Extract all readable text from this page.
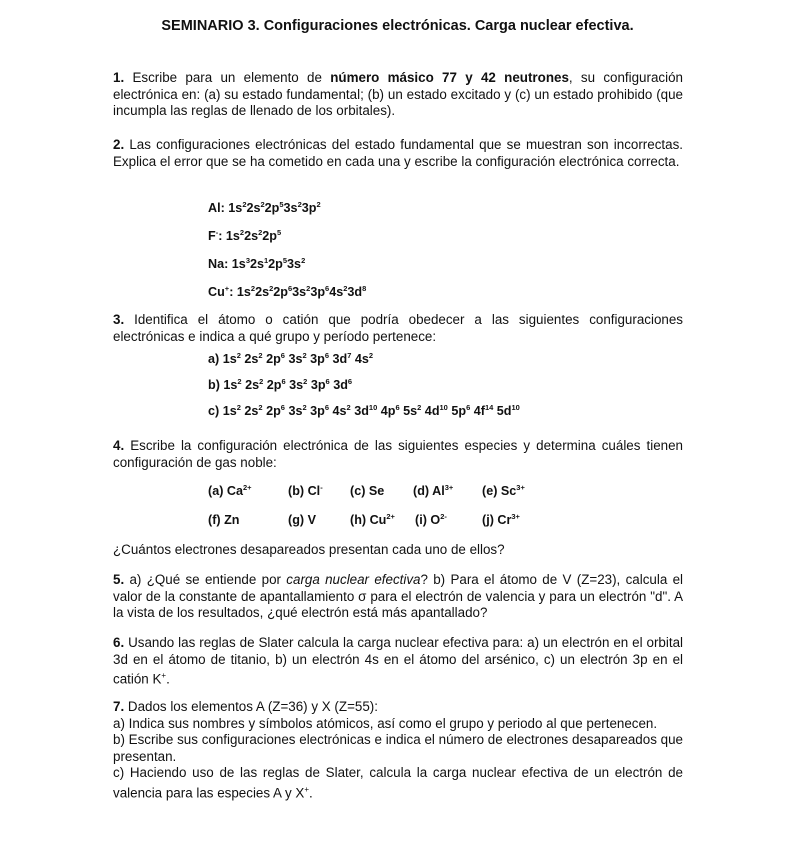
SEMINARIO 3. Configuraciones electrónicas. Carga nuclear efectiva.
1. Escribe para un elemento de número másico 77 y 42 neutrones, su configuración electrónica en: (a) su estado fundamental; (b) un estado excitado y (c) un estado prohibido (que incumpla las reglas de llenado de los orbitales).
2. Las configuraciones electrónicas del estado fundamental que se muestran son incorrectas. Explica el error que se ha cometido en cada una y escribe la configuración electrónica correcta.
Al: $1s^22s^22p^53s^23p^2$
F-: $1s^22s^22p^5$
Na: $1s^32s^12p^53s^2$
Cu+: $1s^22s^22p^63s^23p^64s^23d^8$
3. Identifica el átomo o catión que podría obedecer a las siguientes configuraciones electrónicas e indica a qué grupo y período pertenece:
a) $1s^2$ $2s^2$ $2p^6$ $3s^2$ $3p^6$ $3d^7$ $4s^2$
b) $1s^2$ $2s^2$ $2p^6$ $3s^2$ $3p^6$ $3d^6$
c) $1s^2$ $2s^2$ $2p^6$ $3s^2$ $3p^6$ $4s^2$ $3d^{10}$ $4p^6$ $5s^2$ $4d^{10}$ $5p^6$ $4f^{14}$ $5d^{10}$
4. Escribe la configuración electrónica de las siguientes especies y determina cuáles tienen configuración de gas noble:
(a) $Ca^{2+}$	(b) Cl- (c) Se (d) $Al^{3+}$ (e) $Sc^{3+}$
(f) Zn	(g) V	(h) $Cu^{2+}$ (i) $O^{2-}$	(j) $Cr^{3+}$
¿Cuántos electrones desapareados presentan cada uno de ellos?
5. a) ¿Qué se entiende por carga nuclear efectiva? b) Para el átomo de V (Z=23), calcula el valor de la constante de apantallamiento σ para el electrón de valencia y para un electrón "d". A la vista de los resultados, ¿qué electrón está más apantallado?
6. Usando las reglas de Slater calcula la carga nuclear efectiva para: a) un electrón en el orbital 3d en el átomo de titanio, b) un electrón 4s en el átomo del arsénico, c) un electrón 3p en el catión K+.
7. Dados los elementos A (Z=36) y X (Z=55):
a) Indica sus nombres y símbolos atómicos, así como el grupo y periodo al que pertenecen.
b) Escribe sus configuraciones electrónicas e indica el número de electrones desapareados que presentan.
c) Haciendo uso de las reglas de Slater, calcula la carga nuclear efectiva de un electrón de valencia para las especies A y X+.
